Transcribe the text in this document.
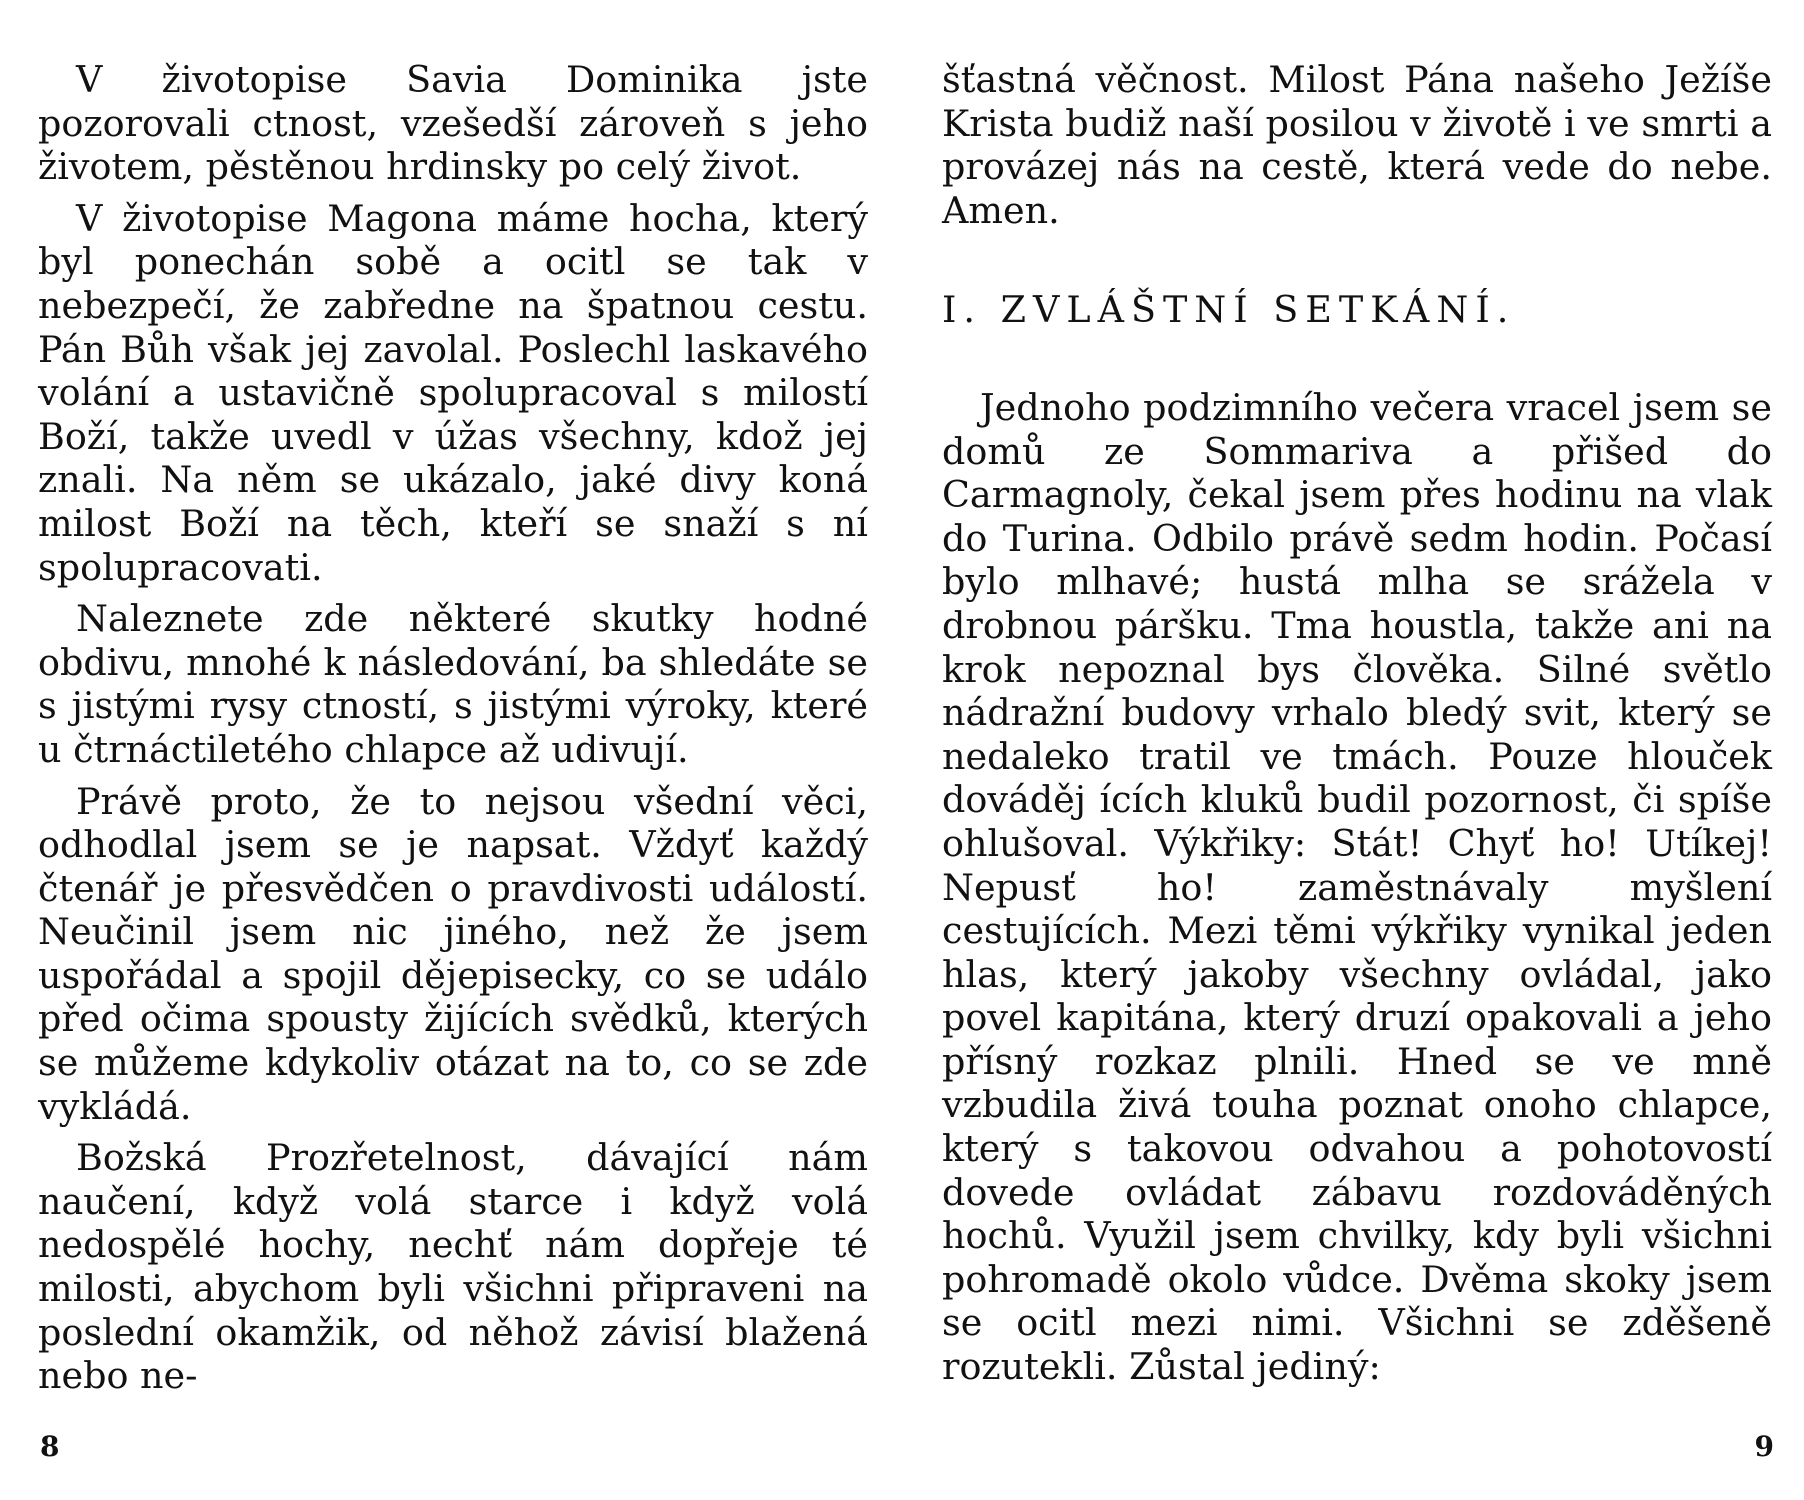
V životopise Savia Dominika jste pozorovali ctnost, vzešedší zároveň s jeho životem, pěstěnou hrdinsky po celý život.

V životopise Magona máme hocha, který byl ponechán sobě a ocitl se tak v nebezpečí, že zabředne na špatnou cestu. Pán Bůh však jej zavolal. Poslechl laskavého volání a ustavičně spolupracoval s milostí Boží, takže uvedl v úžas všechny, kdož jej znali. Na něm se ukázalo, jaké divy koná milost Boží na těch, kteří se snaží s ní spolupracovati.

Naleznete zde některé skutky hodné obdivu, mnohé k následování, ba shledáte se s jistými rysy ctností, s jistými výroky, které u čtrnáctiletého chlapce až udivují.

Právě proto, že to nejsou všední věci, odhodlal jsem se je napsat. Vždyť každý čtenář je přesvědčen o pravdivosti událostí. Neučinil jsem nic jiného, než že jsem uspořádal a spojil dějepisecky, co se událo před očima spousty žijících svědků, kterých se můžeme kdykoliv otázat na to, co se zde vykládá.

Božská Prozřetelnost, dávající nám naučení, když volá starce i když volá nedospělé hochy, nechť nám dopřeje té milosti, abychom byli všichni připraveni na poslední okamžik, od něhož závisí blažená nebo ne-

8

šťastná věčnost. Milost Pána našeho Ježíše Krista budiž naší posilou v životě i ve smrti a provázej nás na cestě, která vede do nebe. Amen.

I. ZVLÁŠTNÍ SETKÁNÍ.

Jednoho podzimního večera vracel jsem se domů ze Sommariva a přišed do Carmagnoly, čekal jsem přes hodinu na vlak do Turina. Odbilo právě sedm hodin. Počasí bylo mlhavé; hustá mlha se srážela v drobnou páršku. Tma houstla, takže ani na krok nepoznal bys člověka. Silné světlo nádražní budovy vrhalo bledý svit, který se nedaleko tratil ve tmách. Pouze hlouček dováděj ících kluků budil pozornost, či spíše ohlušoval. Výkřiky: Stát! Chyť ho! Utíkej! Nepusť ho! zaměstnávaly myšlení cestujících. Mezi těmi výkřiky vynikal jeden hlas, který jakoby všechny ovládal, jako povel kapitána, který druzí opakovali a jeho přísný rozkaz plnili. Hned se ve mně vzbudila živá touha poznat onoho chlapce, který s takovou odvahou a pohotovostí dovede ovládat zábavu rozdováděných hochů. Využil jsem chvilky, kdy byli všichni pohromadě okolo vůdce. Dvěma skoky jsem se ocitl mezi nimi. Všichni se zděšeně rozutekli. Zůstal jediný:

9
